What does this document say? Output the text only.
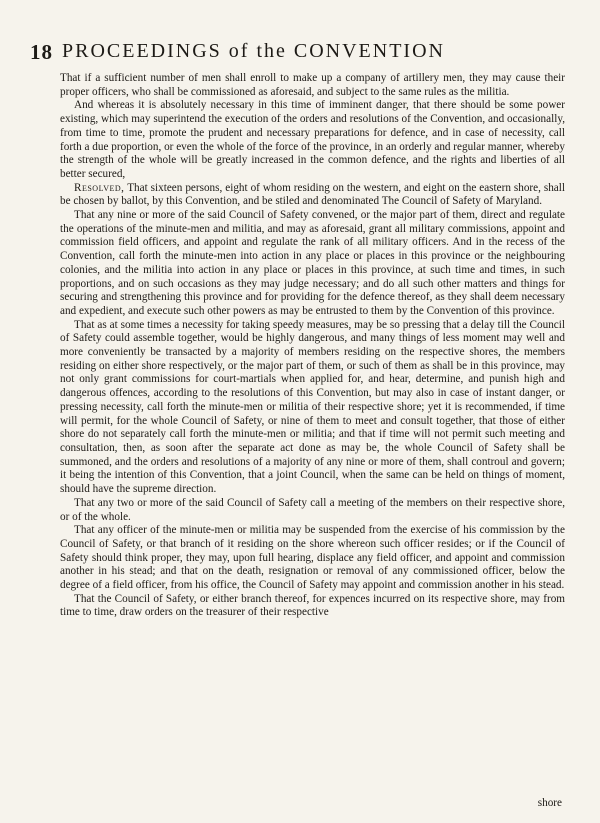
18 PROCEEDINGS of the CONVENTION

That if a sufficient number of men shall enroll to make up a company of artillery men, they may cause their proper officers, who shall be commissioned as aforesaid, and subject to the same rules as the militia.

And whereas it is absolutely necessary in this time of imminent danger, that there should be some power existing, which may superintend the execution of the orders and resolutions of the Convention, and occasionally, from time to time, promote the prudent and necessary preparations for defence, and in case of necessity, call forth a due proportion, or even the whole of the force of the province, in an orderly and regular manner, whereby the strength of the whole will be greatly increased in the common defence, and the rights and liberties of all better secured,

Resolved, That sixteen persons, eight of whom residing on the western, and eight on the eastern shore, shall be chosen by ballot, by this Convention, and be stiled and denominated The Council of Safety of Maryland.

That any nine or more of the said Council of Safety convened, or the major part of them, direct and regulate the operations of the minute-men and militia, and may as aforesaid, grant all military commissions, appoint and commission field officers, and appoint and regulate the rank of all military officers. And in the recess of the Convention, call forth the minute-men into action in any place or places in this province or the neighbouring colonies, and the militia into action in any place or places in this province, at such time and times, in such proportions, and on such occasions as they may judge necessary; and do all such other matters and things for securing and strengthening this province and for providing for the defence thereof, as they shall deem necessary and expedient, and execute such other powers as may be entrusted to them by the Convention of this province.

That as at some times a necessity for taking speedy measures, may be so pressing that a delay till the Council of Safety could assemble together, would be highly dangerous, and many things of less moment may well and more conveniently be transacted by a majority of members residing on the respective shores, the members residing on either shore respectively, or the major part of them, or such of them as shall be in this province, may not only grant commissions for court-martials when applied for, and hear, determine, and punish high and dangerous offences, according to the resolutions of this Convention, but may also in case of instant danger, or pressing necessity, call forth the minute-men or militia of their respective shore; yet it is recommended, if time will permit, for the whole Council of Safety, or nine of them to meet and consult together, that those of either shore do not separately call forth the minute-men or militia; and that if time will not permit such meeting and consultation, then, as soon after the separate act done as may be, the whole Council of Safety shall be summoned, and the orders and resolutions of a majority of any nine or more of them, shall controul and govern; it being the intention of this Convention, that a joint Council, when the same can be held on things of moment, should have the supreme direction.

That any two or more of the said Council of Safety call a meeting of the members on their respective shore, or of the whole.

That any officer of the minute-men or militia may be suspended from the exercise of his commission by the Council of Safety, or that branch of it residing on the shore whereon such officer resides; or if the Council of Safety should think proper, they may, upon full hearing, displace any field officer, and appoint and commission another in his stead; and that on the death, resignation or removal of any commissioned officer, below the degree of a field officer, from his office, the Council of Safety may appoint and commission another in his stead.

That the Council of Safety, or either branch thereof, for expences incurred on its respective shore, may from time to time, draw orders on the treasurer of their respective

shore
